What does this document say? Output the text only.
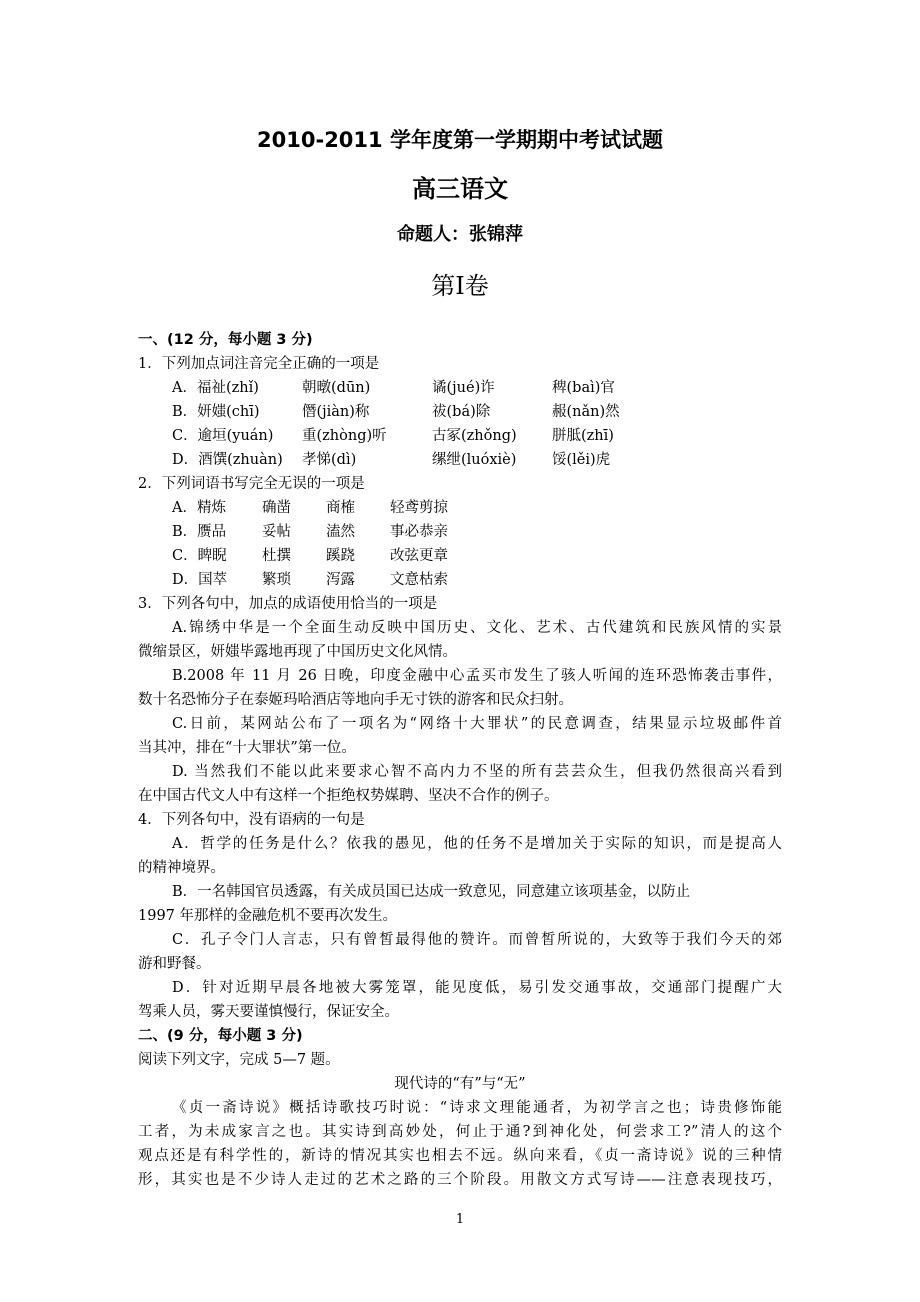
2010-2011 学年度第一学期期中考试试题
高三语文
命题人：张锦萍
第Ⅰ卷
一、(12 分，每小题 3 分)
1．下列加点词注音完全正确的一项是
A．福祉(zhǐ)	朝暾(dūn)	谲(jué)诈	稗(baì)官
B．妍媸(chī)	僭(jiàn)称	祓(bá)除	赧(nǎn)然
C．逾垣(yuán) 重(zhòng)听	古冢(zhǒng) 胼胝(zhī)
D．酒馔(zhuàn) 孝悌(dì)	缧绁(luóxiè) 馁(lěi)虎
2．下列词语书写完全无误的一项是
A．精炼 确凿 商榷 轻鸢剪掠
B．赝品 妥帖 溘然 事必恭亲
C．睥睨 杜撰 蹊跷 改弦更章
D．国萃 繁琐 泻露 文意枯索
3．下列各句中，加点的成语使用恰当的一项是
A.锦绣中华是一个全面生动反映中国历史、文化、艺术、古代建筑和民族风情的实景
微缩景区，妍媸毕露地再现了中国历史文化风情。
B.2008 年 11 月 26 日晚，印度金融中心孟买市发生了骇人听闻的连环恐怖袭击事件，
数十名恐怖分子在泰姬玛哈酒店等地向手无寸铁的游客和民众扫射。
C.日前，某网站公布了一项名为“网络十大罪状”的民意调查，结果显示垃圾邮件首
当其冲，排在“十大罪状”第一位。
D. 当然我们不能以此来要求心智不高内力不坚的所有芸芸众生，但我仍然很高兴看到
在中国古代文人中有这样一个拒绝权势媒聘、坚决不合作的例子。
4．下列各句中，没有语病的一句是
A．哲学的任务是什么？依我的愚见，他的任务不是增加关于实际的知识，而是提高人
的精神境界。
B．一名韩国官员透露，有关成员国已达成一致意见，同意建立该项基金，以防止
1997 年那样的金融危机不要再次发生。
C．孔子令门人言志，只有曾皙最得他的赞许。而曾皙所说的，大致等于我们今天的郊
游和野餐。
D．针对近期早晨各地被大雾笼罩，能见度低，易引发交通事故，交通部门提醒广大
驾乘人员，雾天要谨慎慢行，保证安全。
二、(9 分，每小题 3 分)
阅读下列文字，完成 5—7 题。
现代诗的“有”与“无”
《贞一斋诗说》概括诗歌技巧时说：“诗求文理能通者，为初学言之也；诗贵修饰能
工者，为未成家言之也。其实诗到高妙处，何止于通?到神化处，何尝求工?”清人的这个
观点还是有科学性的，新诗的情况其实也相去不远。纵向来看，《贞一斋诗说》说的三种情
形，其实也是不少诗人走过的艺术之路的三个阶段。用散文方式写诗——注意表现技巧，
1
